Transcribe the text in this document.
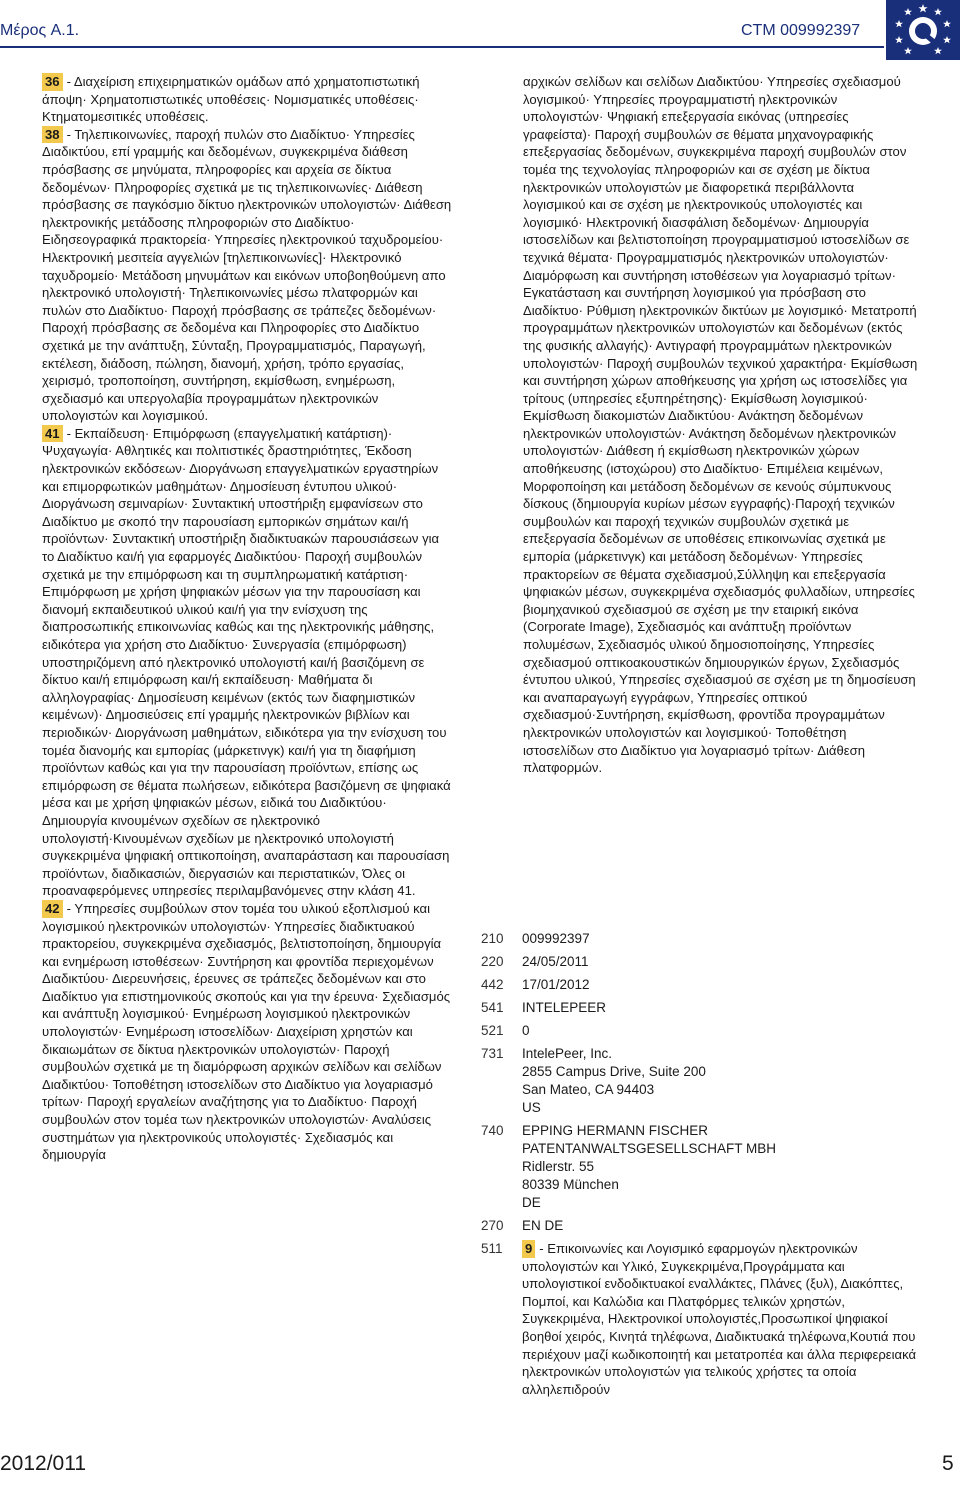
Μέρος A.1.	CTM 009992397

36 - Διαχείριση επιχειρηματικών ομάδων από χρηματοπιστωτική άποψη· Χρηματοπιστωτικές υποθέσεις· Νομισματικές υποθέσεις· Κτηματομεσιτικές υποθέσεις.

38 - Τηλεπικοινωνίες, παροχή πυλών στο Διαδίκτυο· Υπηρεσίες Διαδικτύου, επί γραμμής και δεδομένων, συγκεκριμένα διάθεση πρόσβασης σε μηνύματα, πληροφορίες και αρχεία σε δίκτυα δεδομένων· Πληροφορίες σχετικά με τις τηλεπικοινωνίες· Διάθεση πρόσβασης σε παγκόσμιο δίκτυο ηλεκτρονικών υπολογιστών· Διάθεση ηλεκτρονικής μετάδοσης πληροφοριών στο Διαδίκτυο· Ειδησεογραφικά πρακτορεία· Υπηρεσίες ηλεκτρονικού ταχυδρομείου· Ηλεκτρονική μεσιτεία αγγελιών [τηλεπικοινωνίες]· Ηλεκτρονικό ταχυδρομείο· Μετάδοση μηνυμάτων και εικόνων υποβοηθούμενη απο ηλεκτρονικό υπολογιστή· Τηλεπικοινωνίες μέσω πλατφορμών και πυλών στο Διαδίκτυο· Παροχή πρόσβασης σε τράπεζες δεδομένων· Παροχή πρόσβασης σε δεδομένα και Πληροφορίες στο Διαδίκτυο σχετικά με την ανάπτυξη, Σύνταξη, Προγραμματισμός, Παραγωγή, εκτέλεση, διάδοση, πώληση, διανομή, χρήση, τρόπο εργασίας, χειρισμό, τροποποίηση, συντήρηση, εκμίσθωση, ενημέρωση, σχεδιασμό και υπεργολαβία προγραμμάτων ηλεκτρονικών υπολογιστών και λογισμικού.

41 - Εκπαίδευση· Επιμόρφωση (επαγγελματική κατάρτιση)· Ψυχαγωγία· Αθλητικές και πολιτιστικές δραστηριότητες, Έκδοση ηλεκτρονικών εκδόσεων· Διοργάνωση επαγγελματικών εργαστηρίων και επιμορφωτικών μαθημάτων· Δημοσίευση έντυπου υλικού· Διοργάνωση σεμιναρίων· Συντακτική υποστήριξη εμφανίσεων στο Διαδίκτυο με σκοπό την παρουσίαση εμπορικών σημάτων και/ή προϊόντων· Συντακτική υποστήριξη διαδικτυακών παρουσιάσεων για το Διαδίκτυο και/ή για εφαρμογές Διαδικτύου· Παροχή συμβουλών σχετικά με την επιμόρφωση και τη συμπληρωματική κατάρτιση· Επιμόρφωση με χρήση ψηφιακών μέσων για την παρουσίαση και διανομή εκπαιδευτικού υλικού και/ή για την ενίσχυση της διαπροσωπικής επικοινωνίας καθώς και της ηλεκτρονικής μάθησης, ειδικότερα για χρήση στο Διαδίκτυο· Συνεργασία (επιμόρφωση) υποστηριζόμενη από ηλεκτρονικό υπολογιστή και/ή βασιζόμενη σε δίκτυο και/ή επιμόρφωση και/ή εκπαίδευση· Μαθήματα δι αλληλογραφίας· Δημοσίευση κειμένων (εκτός των διαφημιστικών κειμένων)· Δημοσιεύσεις επί γραμμής ηλεκτρονικών βιβλίων και περιοδικών· Διοργάνωση μαθημάτων, ειδικότερα για την ενίσχυση του τομέα διανομής και εμπορίας (μάρκετινγκ) και/ή για τη διαφήμιση προϊόντων καθώς και για την παρουσίαση προϊόντων, επίσης ως επιμόρφωση σε θέματα πωλήσεων, ειδικότερα βασιζόμενη σε ψηφιακά μέσα και με χρήση ψηφιακών μέσων, ειδικά του Διαδικτύου· Δημιουργία κινουμένων σχεδίων σε ηλεκτρονικό υπολογιστή·Κινουμένων σχεδίων με ηλεκτρονικό υπολογιστή συγκεκριμένα ψηφιακή οπτικοποίηση, αναπαράσταση και παρουσίαση προϊόντων, διαδικασιών, διεργασιών και περιστατικών, Όλες οι προαναφερόμενες υπηρεσίες περιλαμβανόμενες στην κλάση 41.

42 - Υπηρεσίες συμβούλων στον τομέα του υλικού εξοπλισμού και λογισμικού ηλεκτρονικών υπολογιστών· Υπηρεσίες διαδικτυακού πρακτορείου, συγκεκριμένα σχεδιασμός, βελτιστοποίηση, δημιουργία και ενημέρωση ιστοθέσεων· Συντήρηση και φροντίδα περιεχομένων Διαδικτύου· Διερευνήσεις, έρευνες σε τράπεζες δεδομένων και στο Διαδίκτυο για επιστημονικούς σκοπούς και για την έρευνα· Σχεδιασμός και ανάπτυξη λογισμικού· Ενημέρωση λογισμικού ηλεκτρονικών υπολογιστών· Ενημέρωση ιστοσελίδων· Διαχείριση χρηστών και δικαιωμάτων σε δίκτυα ηλεκτρονικών υπολογιστών· Παροχή συμβουλών σχετικά με τη διαμόρφωση αρχικών σελίδων και σελίδων Διαδικτύου· Τοποθέτηση ιστοσελίδων στο Διαδίκτυο για λογαριασμό τρίτων· Παροχή εργαλείων αναζήτησης για το Διαδίκτυο· Παροχή συμβουλών στον τομέα των ηλεκτρονικών υπολογιστών· Αναλύσεις συστημάτων για ηλεκτρονικούς υπολογιστές· Σχεδιασμός και δημιουργία

αρχικών σελίδων και σελίδων Διαδικτύου· Υπηρεσίες σχεδιασμού λογισμικού· Υπηρεσίες προγραμματιστή ηλεκτρονικών υπολογιστών· Ψηφιακή επεξεργασία εικόνας (υπηρεσίες γραφείστα)· Παροχή συμβουλών σε θέματα μηχανογραφικής επεξεργασίας δεδομένων, συγκεκριμένα παροχή συμβουλών στον τομέα της τεχνολογίας πληροφοριών και σε σχέση με δίκτυα ηλεκτρονικών υπολογιστών με διαφορετικά περιβάλλοντα λογισμικού και σε σχέση με ηλεκτρονικούς υπολογιστές και λογισμικό· Ηλεκτρονική διασφάλιση δεδομένων· Δημιουργία ιστοσελίδων και βελτιστοποίηση προγραμματισμού ιστοσελίδων σε τεχνικά θέματα· Προγραμματισμός ηλεκτρονικών υπολογιστών· Διαμόρφωση και συντήρηση ιστοθέσεων για λογαριασμό τρίτων· Εγκατάσταση και συντήρηση λογισμικού για πρόσβαση στο Διαδίκτυο· Ρύθμιση ηλεκτρονικών δικτύων με λογισμικό· Μετατροπή προγραμμάτων ηλεκτρονικών υπολογιστών και δεδομένων (εκτός της φυσικής αλλαγής)· Αντιγραφή προγραμμάτων ηλεκτρονικών υπολογιστών· Παροχή συμβουλών τεχνικού χαρακτήρα· Εκμίσθωση και συντήρηση χώρων αποθήκευσης για χρήση ως ιστοσελίδες για τρίτους (υπηρεσίες εξυπηρέτησης)· Εκμίσθωση λογισμικού· Εκμίσθωση διακομιστών Διαδικτύου· Ανάκτηση δεδομένων ηλεκτρονικών υπολογιστών· Ανάκτηση δεδομένων ηλεκτρονικών υπολογιστών· Διάθεση ή εκμίσθωση ηλεκτρονικών χώρων αποθήκευσης (ιστοχώρου) στο Διαδίκτυο· Επιμέλεια κειμένων, Μορφοποίηση και μετάδοση δεδομένων σε κενούς σύμπυκνους δίσκους (δημιουργία κυρίων μέσων εγγραφής)·Παροχή τεχνικών συμβουλών και παροχή τεχνικών συμβουλών σχετικά με επεξεργασία δεδομένων σε υποθέσεις επικοινωνίας σχετικά με εμπορία (μάρκετινγκ) και μετάδοση δεδομένων· Υπηρεσίες πρακτορείων σε θέματα σχεδιασμού,Σύλληψη και επεξεργασία ψηφιακών μέσων, συγκεκριμένα σχεδιασμός φυλλαδίων, υπηρεσίες βιομηχανικού σχεδιασμού σε σχέση με την εταιρική εικόνα (Corporate Image), Σχεδιασμός και ανάπτυξη προϊόντων πολυμέσων, Σχεδιασμός υλικού δημοσιοποίησης, Υπηρεσίες σχεδιασμού οπτικοακουστικών δημιουργικών έργων, Σχεδιασμός έντυπου υλικού, Υπηρεσίες σχεδιασμού σε σχέση με τη δημοσίευση και αναπαραγωγή εγγράφων, Υπηρεσίες οπτικού σχεδιασμού·Συντήρηση, εκμίσθωση, φροντίδα προγραμμάτων ηλεκτρονικών υπολογιστών και λογισμικού· Τοποθέτηση ιστοσελίδων στο Διαδίκτυο για λογαριασμό τρίτων· Διάθεση πλατφορμών.

210	009992397
220	24/05/2011
442	17/01/2012
541	INTELEPEER
521	0
731	IntelePeer, Inc.
2855 Campus Drive, Suite 200
San Mateo, CA 94403
US
740	EPPING HERMANN FISCHER
PATENTANWALTSGESELLSCHAFT MBH
Ridlerstr. 55
80339 München
DE
270	EN DE
511	9 - Επικοινωνίες και Λογισμικό εφαρμογών ηλεκτρονικών υπολογιστών και Υλικό, Συγκεκριμένα,Προγράμματα και υπολογιστικοί ενδοδικτυακοί εναλλάκτες, Πλάνες (ξυλ), Διακόπτες, Πομποί, και Καλώδια και Πλατφόρμες τελικών χρηστών, Συγκεκριμένα, Ηλεκτρονικοί υπολογιστές,Προσωπικοί ψηφιακοί βοηθοί χειρός, Κινητά τηλέφωνα, Διαδικτυακά τηλέφωνα,Κουτιά που περιέχουν μαζί κωδικοποιητή και μετατροπέα και άλλα περιφερειακά ηλεκτρονικών υπολογιστών για τελικούς χρήστες τα οποία αλληλεπιδρούν

2012/011	5
